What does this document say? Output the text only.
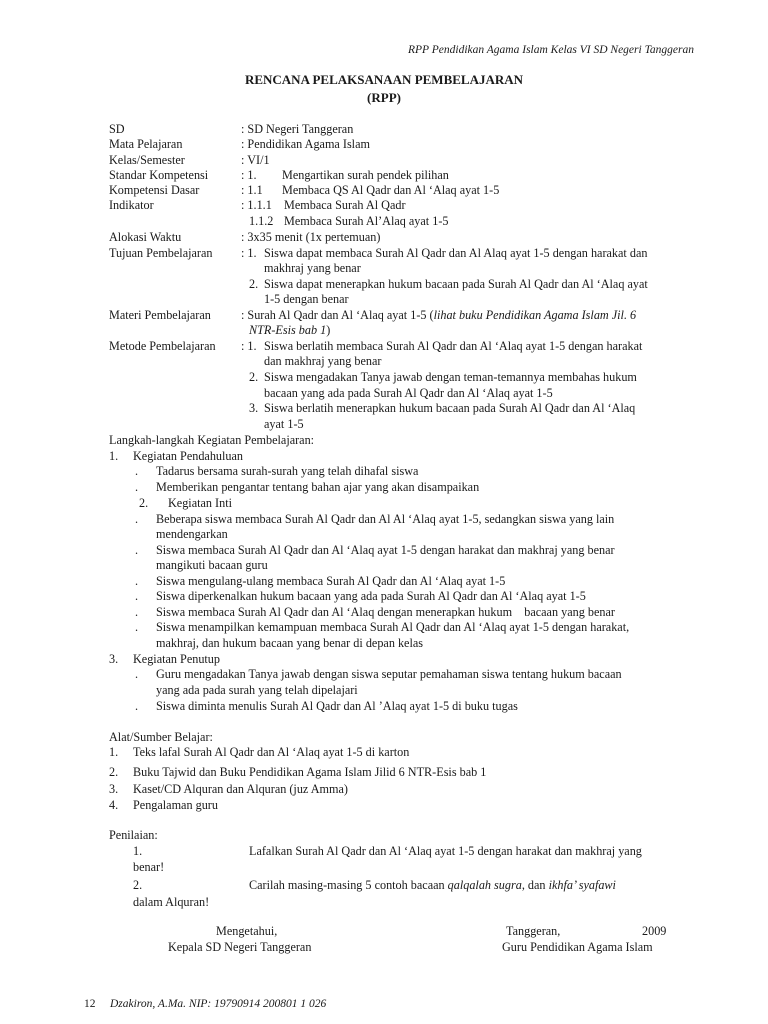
RPP Pendidikan Agama Islam Kelas VI SD Negeri Tanggeran
RENCANA PELAKSANAAN PEMBELAJARAN
(RPP)
SD	: SD Negeri Tanggeran
Mata Pelajaran	: Pendidikan Agama Islam
Kelas/Semester	: VI/1
Standar Kompetensi	: 1. Mengartikan surah pendek pilihan
Kompetensi Dasar	: 1.1 Membaca QS Al Qadr dan Al ‘Alaq ayat 1-5
Indikator	: 1.1.1 Membaca Surah Al Qadr
1.1.2 Membaca Surah Al’Alaq ayat 1-5
Alokasi Waktu	: 3x35 menit (1x pertemuan)
Tujuan Pembelajaran : 1. Siswa dapat membaca Surah Al Qadr dan Al Alaq ayat 1-5 dengan harakat dan
makhraj yang benar
2. Siswa dapat menerapkan hukum bacaan pada Surah Al Qadr dan Al ‘Alaq ayat
1-5 dengan benar
Materi Pembelajaran : Surah Al Qadr dan Al ‘Alaq ayat 1-5 (lihat buku Pendidikan Agama Islam Jil. 6
NTR-Esis bab 1)
Metode Pembelajaran : 1. Siswa berlatih membaca Surah Al Qadr dan Al ‘Alaq ayat 1-5 dengan harakat
dan makhraj yang benar
2. Siswa mengadakan Tanya jawab dengan teman-temannya membahas hukum
bacaan yang ada pada Surah Al Qadr dan Al ‘Alaq ayat 1-5
3. Siswa berlatih menerapkan hukum bacaan pada Surah Al Qadr dan Al ‘Alaq
ayat 1-5
Langkah-langkah Kegiatan Pembelajaran:
1. Kegiatan Pendahuluan
. Tadarus bersama surah-surah yang telah dihafal siswa
. Memberikan pengantar tentang bahan ajar yang akan disampaikan
2. Kegiatan Inti
. Beberapa siswa membaca Surah Al Qadr dan Al Al ‘Alaq ayat 1-5, sedangkan siswa yang lain
mendengarkan
. Siswa membaca Surah Al Qadr dan Al ‘Alaq ayat 1-5 dengan harakat dan makhraj yang benar
mangikuti bacaan guru
. Siswa mengulang-ulang membaca Surah Al Qadr dan Al ‘Alaq ayat 1-5
. Siswa diperkenalkan hukum bacaan yang ada pada Surah Al Qadr dan Al ‘Alaq ayat 1-5
. Siswa membaca Surah Al Qadr dan Al ‘Alaq dengan menerapkan hukum    bacaan yang benar
. Siswa menampilkan kemampuan membaca Surah Al Qadr dan Al ‘Alaq ayat 1-5 dengan harakat,
makhraj, dan hukum bacaan yang benar di depan kelas
3. Kegiatan Penutup
. Guru mengadakan Tanya jawab dengan siswa seputar pemahaman siswa tentang hukum bacaan
yang ada pada surah yang telah dipelajari
. Siswa diminta menulis Surah Al Qadr dan Al ’Alaq ayat 1-5 di buku tugas
Alat/Sumber Belajar:
1. Teks lafal Surah Al Qadr dan Al ‘Alaq ayat 1-5 di karton
2. Buku Tajwid dan Buku Pendidikan Agama Islam Jilid 6 NTR-Esis bab 1
3. Kaset/CD Alquran dan Alquran (juz Amma)
4. Pengalaman guru
Penilaian:
1.	Lafalkan Surah Al Qadr dan Al ‘Alaq ayat 1-5 dengan harakat dan makhraj yang
benar!
2.	Carilah masing-masing 5 contoh bacaan qalqalah sugra, dan ikhfa’ syafawi
dalam Alquran!
Mengetahui,
Kepala SD Negeri Tanggeran
Tanggeran,	2009
Guru Pendidikan Agama Islam
12 Dzakiron, A.Ma. NIP: 19790914 200801 1 026
